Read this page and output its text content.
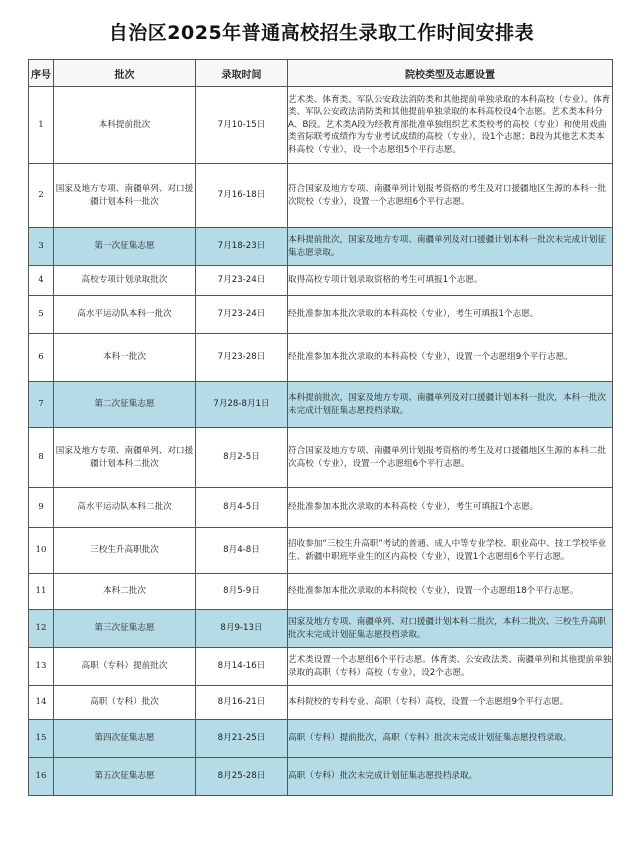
自治区2025年普通高校招生录取工作时间安排表
序号	批次	录取时间	院校类型及志愿设置
1	本科提前批次	7月10-15日	艺术类、体育类、军队公安政法消防类和其他提前单独录取的本科高校（专业）。体育类、军队公安政法消防类和其他提前单独录取的本科高校设4个志愿。艺术类本科分A、B段。艺术类A段为经教育部批准单独组织艺术类校考的高校（专业）和使用戏曲类省际联考成绩作为专业考试成绩的高校（专业），设1个志愿；B段为其他艺术类本科高校（专业），设一个志愿组5个平行志愿。
2	国家及地方专项、南疆单列、对口援疆计划本科一批次	7月16-18日	符合国家及地方专项、南疆单列计划报考资格的考生及对口援疆地区生源的本科一批次院校（专业），设置一个志愿组6个平行志愿。
3	第一次征集志愿	7月18-23日	本科提前批次，国家及地方专项、南疆单列及对口援疆计划本科一批次未完成计划征集志愿录取。
4	高校专项计划录取批次	7月23-24日	取得高校专项计划录取资格的考生可填报1个志愿。
5	高水平运动队本科一批次	7月23-24日	经批准参加本批次录取的本科高校（专业），考生可填报1个志愿。
6	本科一批次	7月23-28日	经批准参加本批次录取的本科高校（专业），设置一个志愿组9个平行志愿。
7	第二次征集志愿	7月28-8月1日	本科提前批次，国家及地方专项、南疆单列及对口援疆计划本科一批次，本科一批次未完成计划征集志愿投档录取。
8	国家及地方专项、南疆单列、对口援疆计划本科二批次	8月2-5日	符合国家及地方专项、南疆单列计划报考资格的考生及对口援疆地区生源的本科二批次高校（专业），设置一个志愿组6个平行志愿。
9	高水平运动队本科二批次	8月4-5日	经批准参加本批次录取的本科高校（专业），考生可填报1个志愿。
10	三校生升高职批次	8月4-8日	招收参加“三校生升高职”考试的普通、成人中等专业学校、职业高中、技工学校毕业生、新疆中职班毕业生的区内高校（专业），设置1个志愿组6个平行志愿。
11	本科二批次	8月5-9日	经批准参加本批次录取的本科院校（专业），设置一个志愿组18个平行志愿。
12	第三次征集志愿	8月9-13日	国家及地方专项、南疆单列、对口援疆计划本科二批次，本科二批次、三校生升高职批次未完成计划征集志愿投档录取。
13	高职（专科）提前批次	8月14-16日	艺术类设置一个志愿组6个平行志愿。体育类、公安政法类、南疆单列和其他提前单独录取的高职（专科）高校（专业），设2个志愿。
14	高职（专科）批次	8月16-21日	本科院校的专科专业、高职（专科）高校，设置一个志愿组9个平行志愿。
15	第四次征集志愿	8月21-25日	高职（专科）提前批次，高职（专科）批次未完成计划征集志愿投档录取。
16	第五次征集志愿	8月25-28日	高职（专科）批次未完成计划征集志愿投档录取。
